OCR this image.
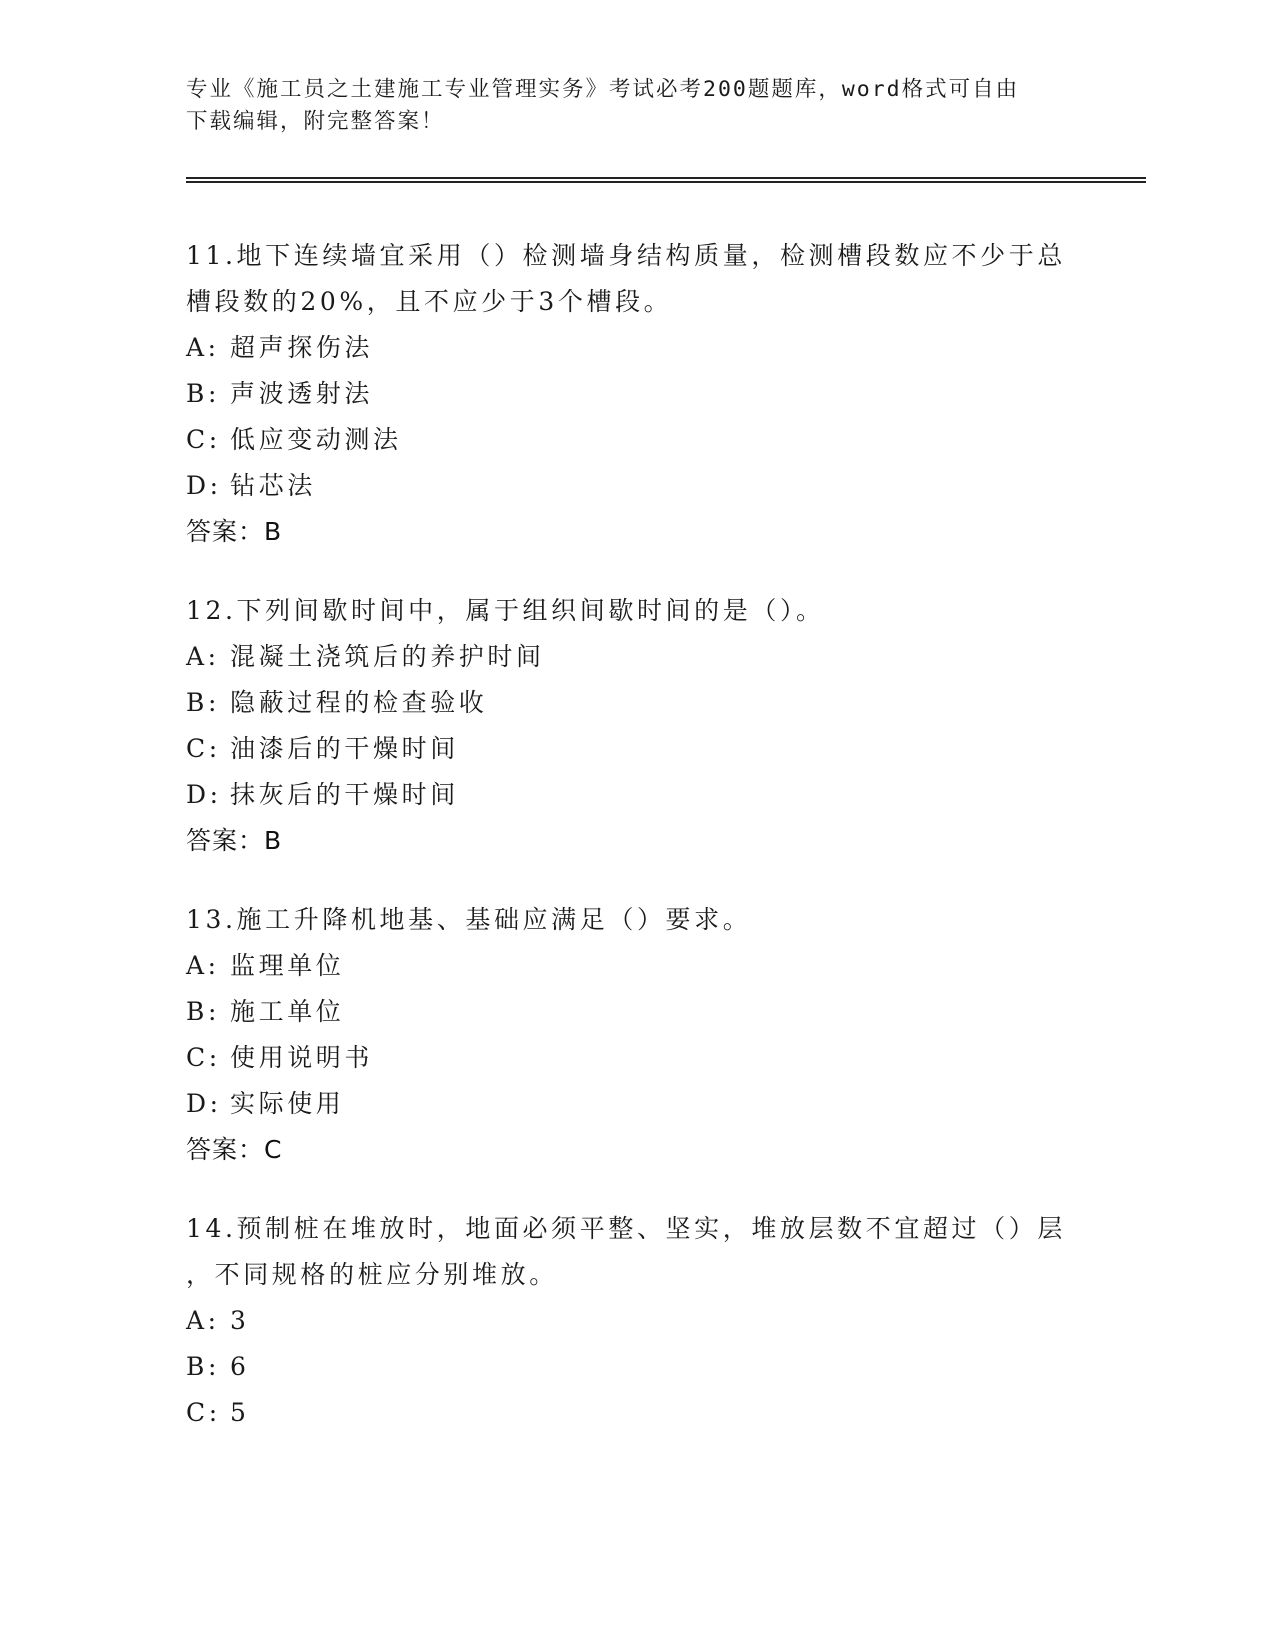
专业《施工员之土建施工专业管理实务》考试必考200题题库，word格式可自由
下载编辑，附完整答案！
11.地下连续墙宜采用（）检测墙身结构质量，检测槽段数应不少于总
槽段数的20%，且不应少于3个槽段。
A: 超声探伤法
B: 声波透射法
C: 低应变动测法
D: 钻芯法
答案：B
12.下列间歇时间中，属于组织间歇时间的是（）。
A: 混凝土浇筑后的养护时间
B: 隐蔽过程的检查验收
C: 油漆后的干燥时间
D: 抹灰后的干燥时间
答案：B
13.施工升降机地基、基础应满足（）要求。
A: 监理单位
B: 施工单位
C: 使用说明书
D: 实际使用
答案：C
14.预制桩在堆放时，地面必须平整、坚实，堆放层数不宜超过（）层
，不同规格的桩应分别堆放。
A: 3
B: 6
C: 5
